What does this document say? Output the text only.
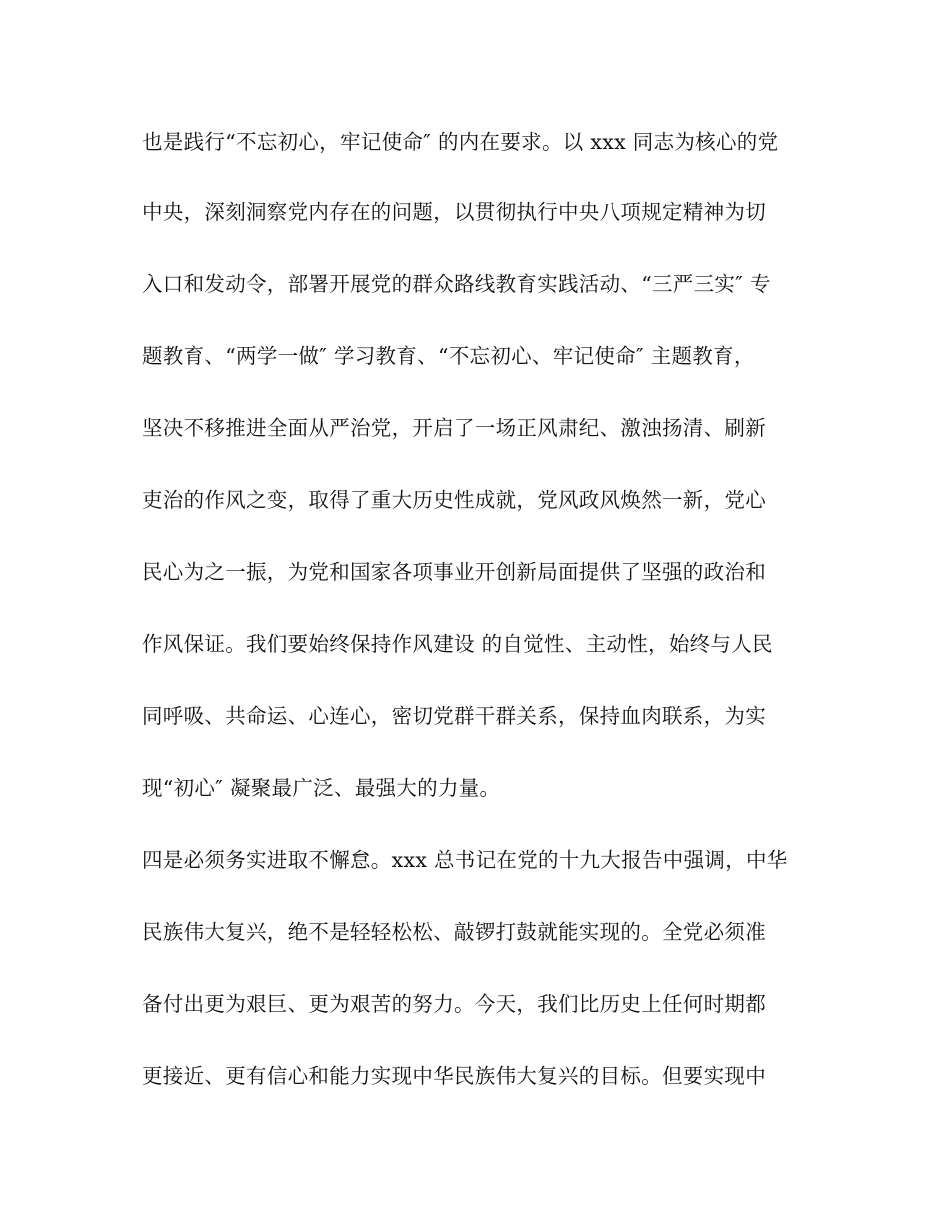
也是践行“不忘初心，牢记使命″ 的内在要求。以 xxx 同志为核心的党
中央，深刻洞察党内存在的问题，以贯彻执行中央八项规定精神为切
入口和发动令，部署开展党的群众路线教育实践活动、“三严三实″ 专
题教育、“两学一做″ 学习教育、“不忘初心、牢记使命″ 主题教育，
坚决不移推进全面从严治党，开启了一场正风肃纪、激浊扬清、刷新
吏治的作风之变，取得了重大历史性成就，党风政风焕然一新，党心
民心为之一振，为党和国家各项事业开创新局面提供了坚强的政治和
作风保证。我们要始终保持作风建设 的自觉性、主动性，始终与人民
同呼吸、共命运、心连心，密切党群干群关系，保持血肉联系，为实
现“初心″ 凝聚最广泛、最强大的力量。
四是必须务实进取不懈怠。xxx 总书记在党的十九大报告中强调，中华
民族伟大复兴，绝不是轻轻松松、敲锣打鼓就能实现的。全党必须准
备付出更为艰巨、更为艰苦的努力。今天，我们比历史上任何时期都
更接近、更有信心和能力实现中华民族伟大复兴的目标。但要实现中
